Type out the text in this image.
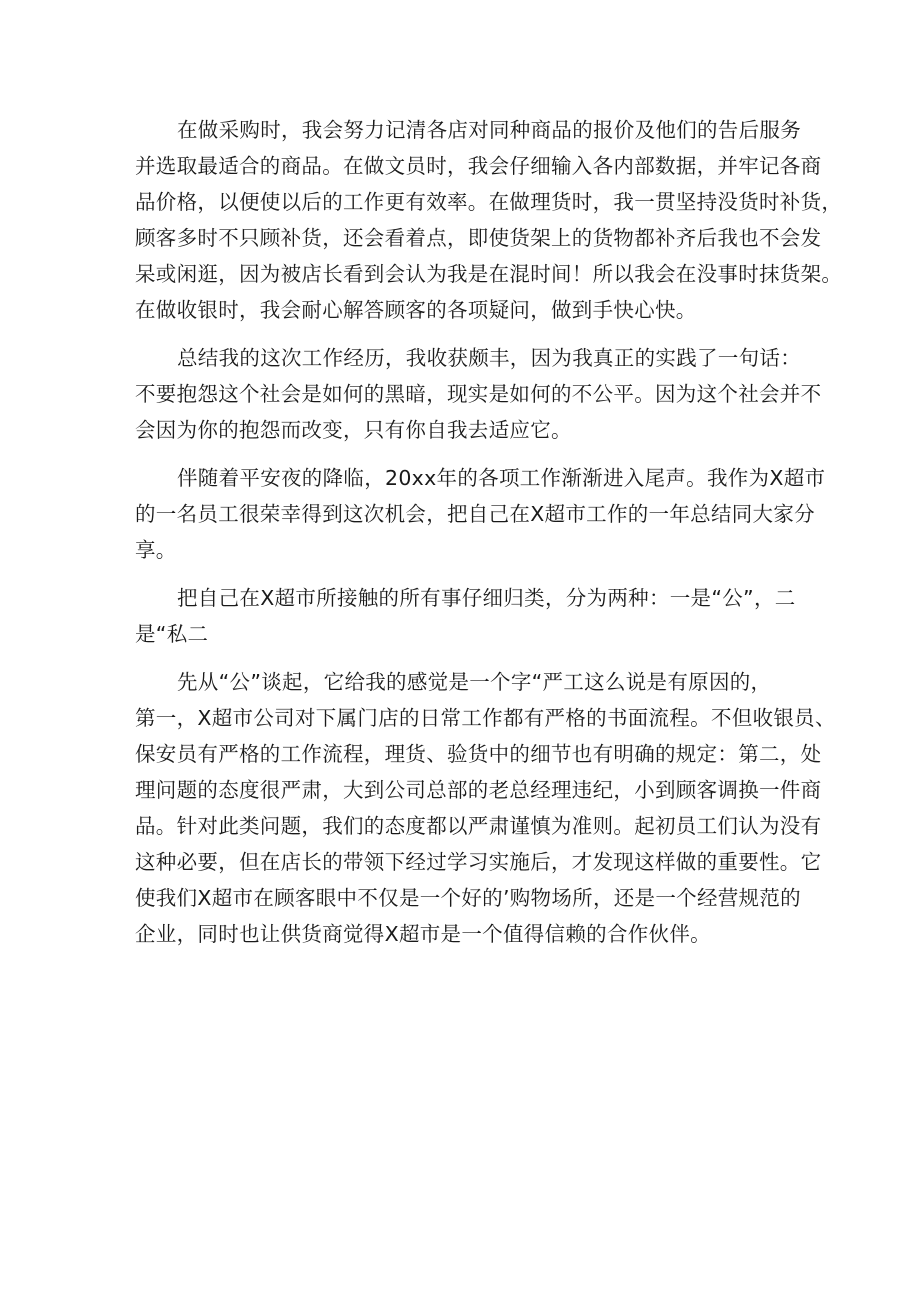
在做采购时，我会努力记清各店对同种商品的报价及他们的告后服务
并选取最适合的商品。在做文员时，我会仔细输入各内部数据，并牢记各商
品价格，以便使以后的工作更有效率。在做理货时，我一贯坚持没货时补货，
顾客多时不只顾补货，还会看着点，即使货架上的货物都补齐后我也不会发
呆或闲逛，因为被店长看到会认为我是在混时间！所以我会在没事时抹货架。
在做收银时，我会耐心解答顾客的各项疑问，做到手快心快。
总结我的这次工作经历，我收获颇丰，因为我真正的实践了一句话：
不要抱怨这个社会是如何的黑暗，现实是如何的不公平。因为这个社会并不
会因为你的抱怨而改变，只有你自我去适应它。
伴随着平安夜的降临，20xx年的各项工作渐渐进入尾声。我作为X超市
的一名员工很荣幸得到这次机会，把自己在X超市工作的一年总结同大家分
享。
把自己在X超市所接触的所有事仔细归类，分为两种：一是“公”，二
是“私二
先从“公”谈起，它给我的感觉是一个字“严工这么说是有原因的，
第一，X超市公司对下属门店的日常工作都有严格的书面流程。不但收银员、
保安员有严格的工作流程，理货、验货中的细节也有明确的规定：第二，处
理问题的态度很严肃，大到公司总部的老总经理违纪，小到顾客调换一件商
品。针对此类问题，我们的态度都以严肃谨慎为准则。起初员工们认为没有
这种必要，但在店长的带领下经过学习实施后，才发现这样做的重要性。它
使我们X超市在顾客眼中不仅是一个好的’购物场所，还是一个经营规范的
企业，同时也让供货商觉得X超市是一个值得信赖的合作伙伴。
